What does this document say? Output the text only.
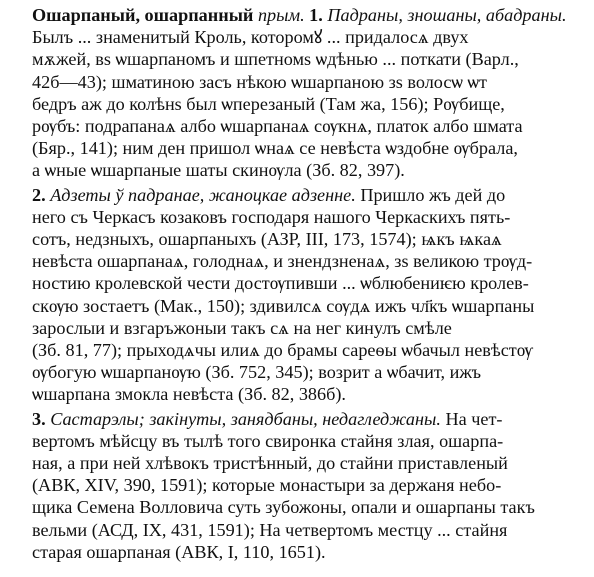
Ошарпаный, ошарпанный прым. 1. Падраны, зношаны, абадраны.
Былъ ... знаменитый Кроль, которомꙋ ... придалосѧ двух
мѫжей, вѕ ѡшарпаномъ и шпетномѕ ѡдѣнью ... поткати (Варл.,
42б—43); шматиною засъ нѣкою ѡшарпаною зѕ волосѡ ѡт
бедръ аж до колѣнѕ был ѡперезаный (Там жа, 156); Рѹбище,
рѹбъ: подрапанаѧ албо ѡшарпанаѧ сѹкнѧ, платок албо шмата
(Бяр., 141); ним ден пришол ѡнаѧ се невѣста ѡздобне ѹбрала,
а ѡные ѡшарпаные шаты скинѹла (Зб. 82, 397).
2. Адзеты ў падранае, жаноцкае адзенне. Пришло жъ дей до
него съ Черкасъ козаковъ господаря нашого Черкаскихъ пять-
сотъ, недзныхъ, ошарпаныхъ (АЗР, III, 173, 1574); ѩкъ ѩкаѧ
невѣста ошарпанаѧ, голоднаѧ, и знендзненаѧ, зѕ великою трѹд-
ностию кролевской чести достѹпивши ... ѡблюбениѥю кролев-
скѹю зостаетъ (Мак., 150); здивилсѧ сѹдѧ ижъ чл҃къ ѡшарпаны
зарослыи и взгаръжоныи такъ сѧ на нег кинулъ смѣле
(Зб. 81, 77); прыходѧчы илиѧ до брамы сареѳы ѡбачыл невѣстѹ
ѹбогую ѡшарпанѹю (Зб. 752, 345); возрит а ѡбачит, ижъ
ѡшарпана змокла невѣста (Зб. 82, 386б).
3. Састарэлы; закінуты, занядбаны, недагледжаны. На чет-
вертомъ мѣйсцу въ тылѣ того свиронка стайня злая, ошарпа-
ная, а при ней хлѣвокъ тристѣнный, до стайни приставленый
(АВК, XIV, 390, 1591); которые монастыри за держаня небо-
щика Семена Волловича суть зубожоны, опали и ошарпаны такъ
вельми (АСД, IX, 431, 1591); На четвертомъ местцу ... стайня
старая ошарпаная (АВК, I, 110, 1651).
